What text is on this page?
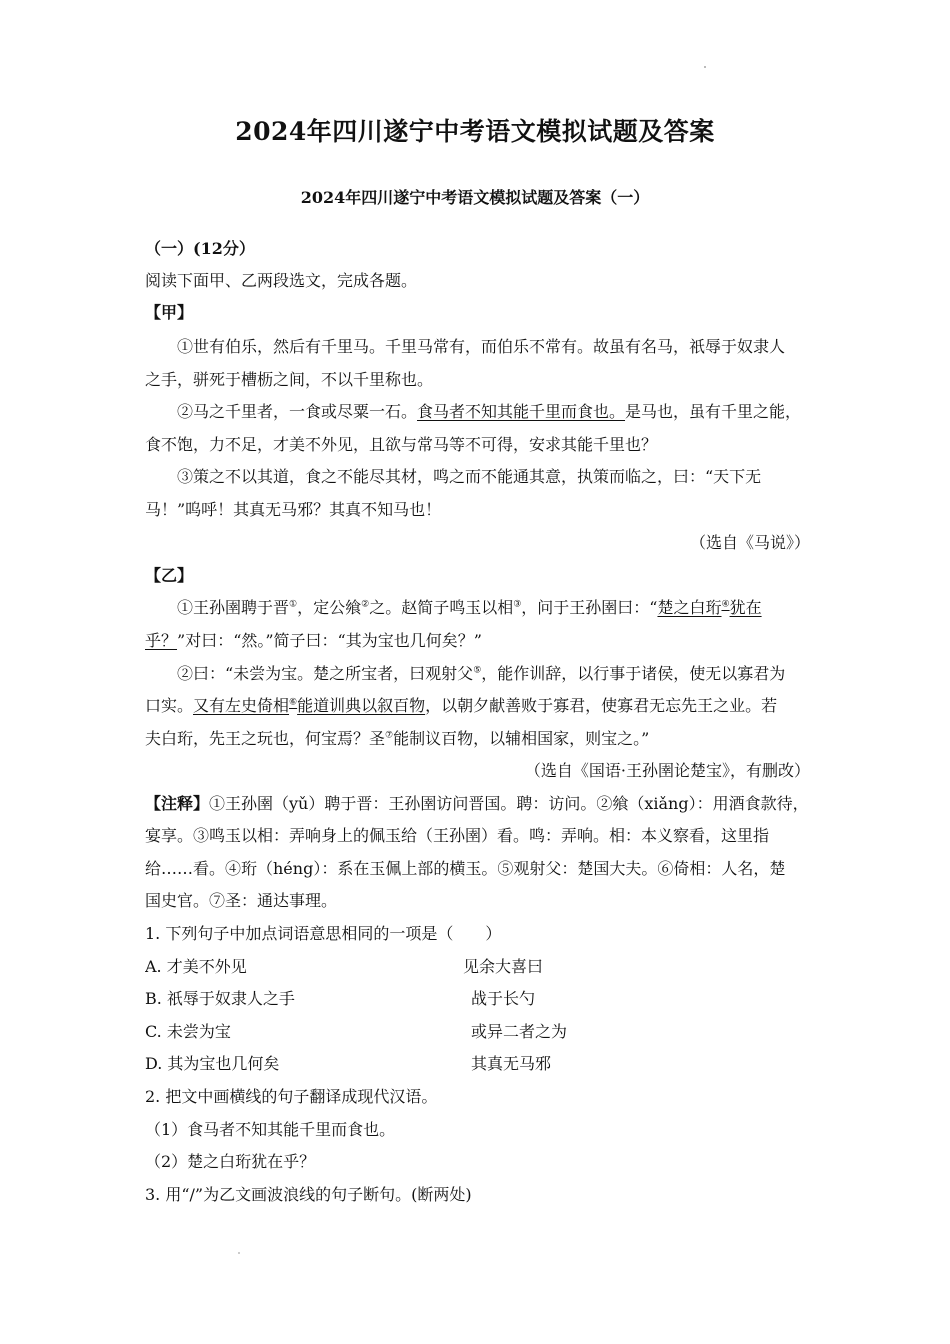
2024年四川遂宁中考语文模拟试题及答案
2024年四川遂宁中考语文模拟试题及答案（一）
（一）(12分）
阅读下面甲、乙两段选文，完成各题。
【甲】
①世有伯乐，然后有千里马。千里马常有，而伯乐不常有。故虽有名马，祇辱于奴隶人
之手，骈死于槽枥之间，不以千里称也。
②马之千里者，一食或尽粟一石。食马者不知其能千里而食也。是马也，虽有千里之能，
食不饱，力不足，才美不外见，且欲与常马等不可得，安求其能千里也？
③策之不以其道，食之不能尽其材，鸣之而不能通其意，执策而临之，曰：“天下无
马！”呜呼！其真无马邪？其真不知马也！
（选自《马说》）
【乙】
①王孙圉聘于晋①，定公飨②之。赵简子鸣玉以相③，问于王孙圉曰：“楚之白珩④犹在
乎？”对曰：“然。”简子曰：“其为宝也几何矣？”
②曰：“未尝为宝。楚之所宝者，曰观射父⑤，能作训辞，以行事于诸侯，使无以寡君为
口实。又有左史倚相⑥能道训典以叙百物，以朝夕献善败于寡君，使寡君无忘先王之业。若
夫白珩，先王之玩也，何宝焉？圣⑦能制议百物，以辅相国家，则宝之。”
（选自《国语·王孙圉论楚宝》，有删改）
【注释】①王孙圉（yǔ）聘于晋：王孙圉访问晋国。聘：访问。②飨（xiǎng）：用酒食款待，
宴享。③鸣玉以相：弄响身上的佩玉给（王孙圉）看。鸣：弄响。相：本义察看，这里指
给……看。④珩（héng）：系在玉佩上部的横玉。⑤观射父：楚国大夫。⑥倚相：人名，楚
国史官。⑦圣：通达事理。
1. 下列句子中加点词语意思相同的一项是（　　）
A. 才美不外见	见余大喜曰
B. 祇辱于奴隶人之手	战于长勺
C. 未尝为宝	或异二者之为
D. 其为宝也几何矣	其真无马邪
2. 把文中画横线的句子翻译成现代汉语。
（1）食马者不知其能千里而食也。
（2）楚之白珩犹在乎？
3. 用“/”为乙文画波浪线的句子断句。(断两处)
